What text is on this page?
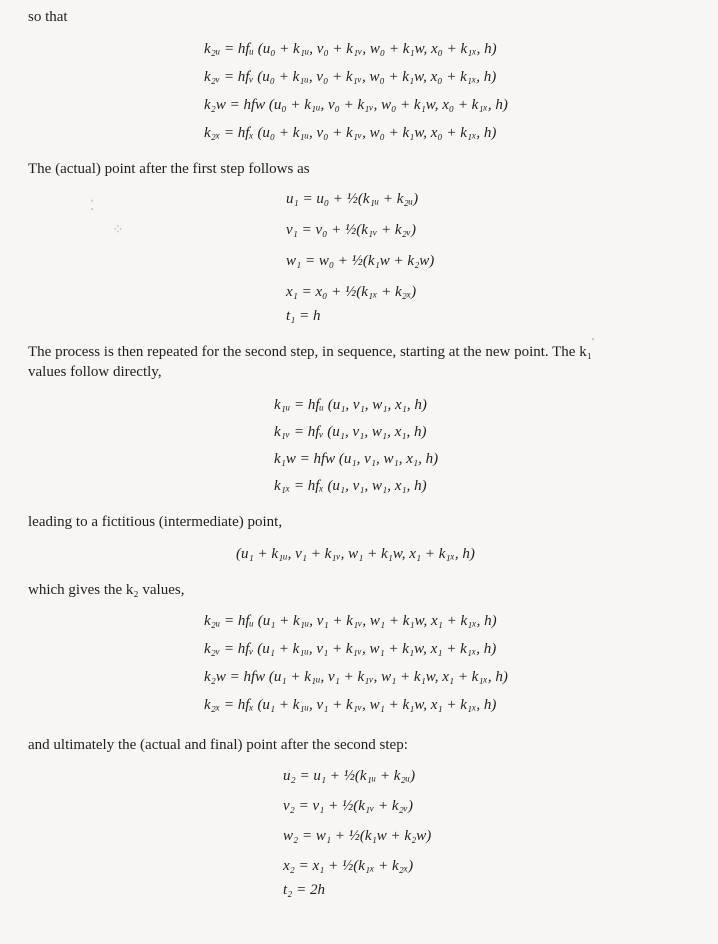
so that
k₂ᵤ = hfᵤ (u₀ + k₁ᵤ, v₀ + k₁ᵥ, w₀ + k₁w, x₀ + k₁ₓ, h)
k₂ᵥ = hfᵥ (u₀ + k₁ᵤ, v₀ + k₁ᵥ, w₀ + k₁w, x₀ + k₁ₓ, h)
k₂w = hfw (u₀ + k₁ᵤ, v₀ + k₁ᵥ, w₀ + k₁w, x₀ + k₁ₓ, h)
k₂ₓ = hfₓ (u₀ + k₁ᵤ, v₀ + k₁ᵥ, w₀ + k₁w, x₀ + k₁ₓ, h)
The (actual) point after the first step follows as
⁚
⁘
u₁ = u₀ + ½(k₁ᵤ + k₂ᵤ)
v₁ = v₀ + ½(k₁ᵥ + k₂ᵥ)
w₁ = w₀ + ½(k₁w + k₂w)
x₁ = x₀ + ½(k₁ₓ + k₂ₓ)
t₁ = h
⸼
The process is then repeated for the second step, in sequence, starting at the new point. The k₁
values follow directly,
k₁ᵤ = hfᵤ (u₁, v₁, w₁, x₁, h)
k₁ᵥ = hfᵥ (u₁, v₁, w₁, x₁, h)
k₁w = hfw (u₁, v₁, w₁, x₁, h)
k₁ₓ = hfₓ (u₁, v₁, w₁, x₁, h)
leading to a fictitious (intermediate) point,
(u₁ + k₁ᵤ, v₁ + k₁ᵥ, w₁ + k₁w, x₁ + k₁ₓ, h)
which gives the k₂ values,
k₂ᵤ = hfᵤ (u₁ + k₁ᵤ, v₁ + k₁ᵥ, w₁ + k₁w, x₁ + k₁ₓ, h)
k₂ᵥ = hfᵥ (u₁ + k₁ᵤ, v₁ + k₁ᵥ, w₁ + k₁w, x₁ + k₁ₓ, h)
k₂w = hfw (u₁ + k₁ᵤ, v₁ + k₁ᵥ, w₁ + k₁w, x₁ + k₁ₓ, h)
k₂ₓ = hfₓ (u₁ + k₁ᵤ, v₁ + k₁ᵥ, w₁ + k₁w, x₁ + k₁ₓ, h)
and ultimately the (actual and final) point after the second step:
u₂ = u₁ + ½(k₁ᵤ + k₂ᵤ)
v₂ = v₁ + ½(k₁ᵥ + k₂ᵥ)
w₂ = w₁ + ½(k₁w + k₂w)
x₂ = x₁ + ½(k₁ₓ + k₂ₓ)
t₂ = 2h
